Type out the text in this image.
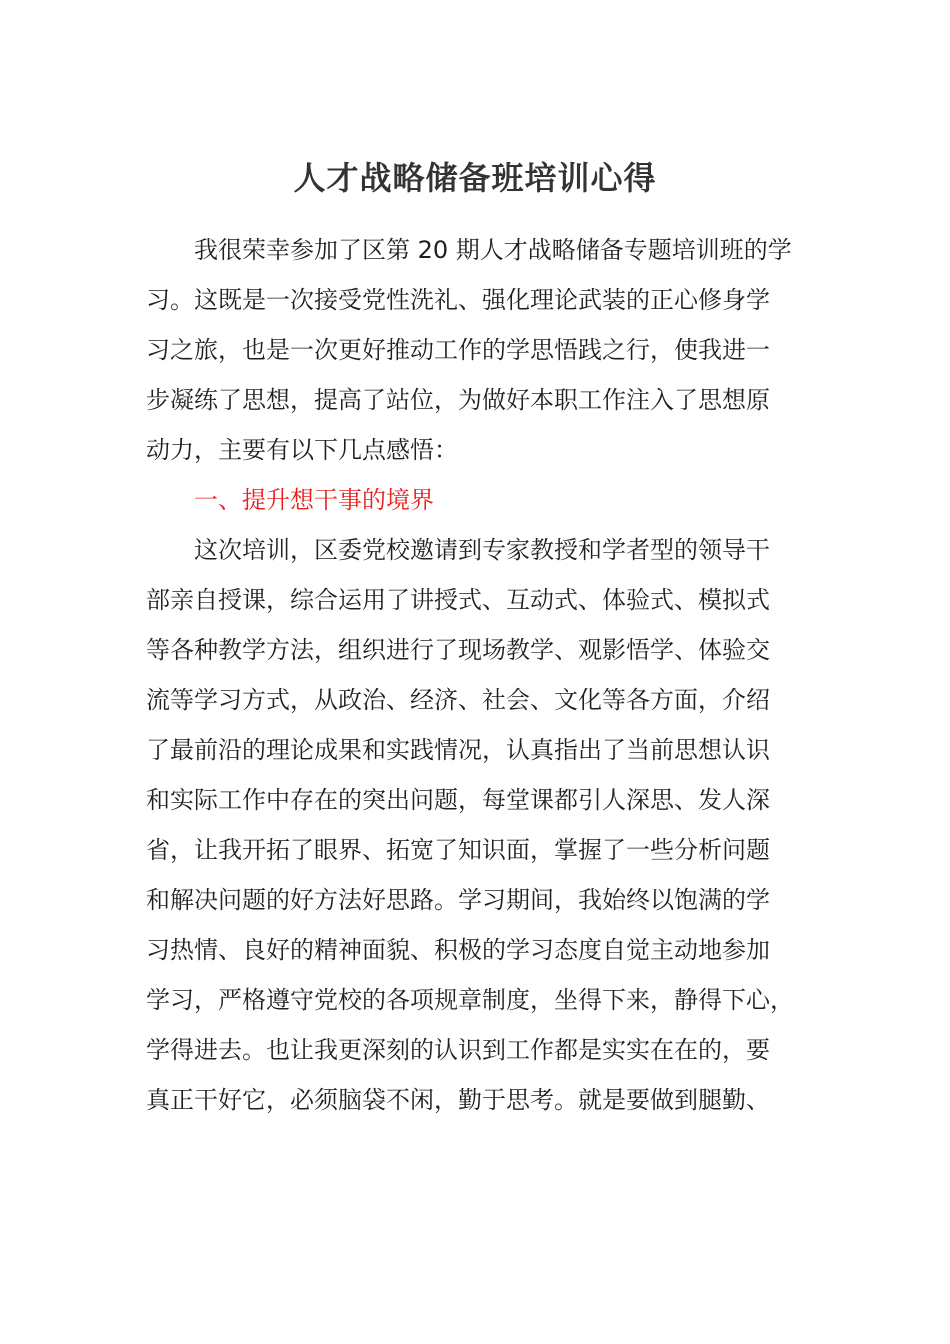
人才战略储备班培训心得
我很荣幸参加了区第 20 期人才战略储备专题培训班的学
习。这既是一次接受党性洗礼、强化理论武装的正心修身学
习之旅，也是一次更好推动工作的学思悟践之行，使我进一
步凝练了思想，提高了站位，为做好本职工作注入了思想原
动力，主要有以下几点感悟：
一、提升想干事的境界
这次培训，区委党校邀请到专家教授和学者型的领导干
部亲自授课，综合运用了讲授式、互动式、体验式、模拟式
等各种教学方法，组织进行了现场教学、观影悟学、体验交
流等学习方式，从政治、经济、社会、文化等各方面，介绍
了最前沿的理论成果和实践情况，认真指出了当前思想认识
和实际工作中存在的突出问题，每堂课都引人深思、发人深
省，让我开拓了眼界、拓宽了知识面，掌握了一些分析问题
和解决问题的好方法好思路。学习期间，我始终以饱满的学
习热情、良好的精神面貌、积极的学习态度自觉主动地参加
学习，严格遵守党校的各项规章制度，坐得下来，静得下心，
学得进去。也让我更深刻的认识到工作都是实实在在的，要
真正干好它，必须脑袋不闲，勤于思考。就是要做到腿勤、
